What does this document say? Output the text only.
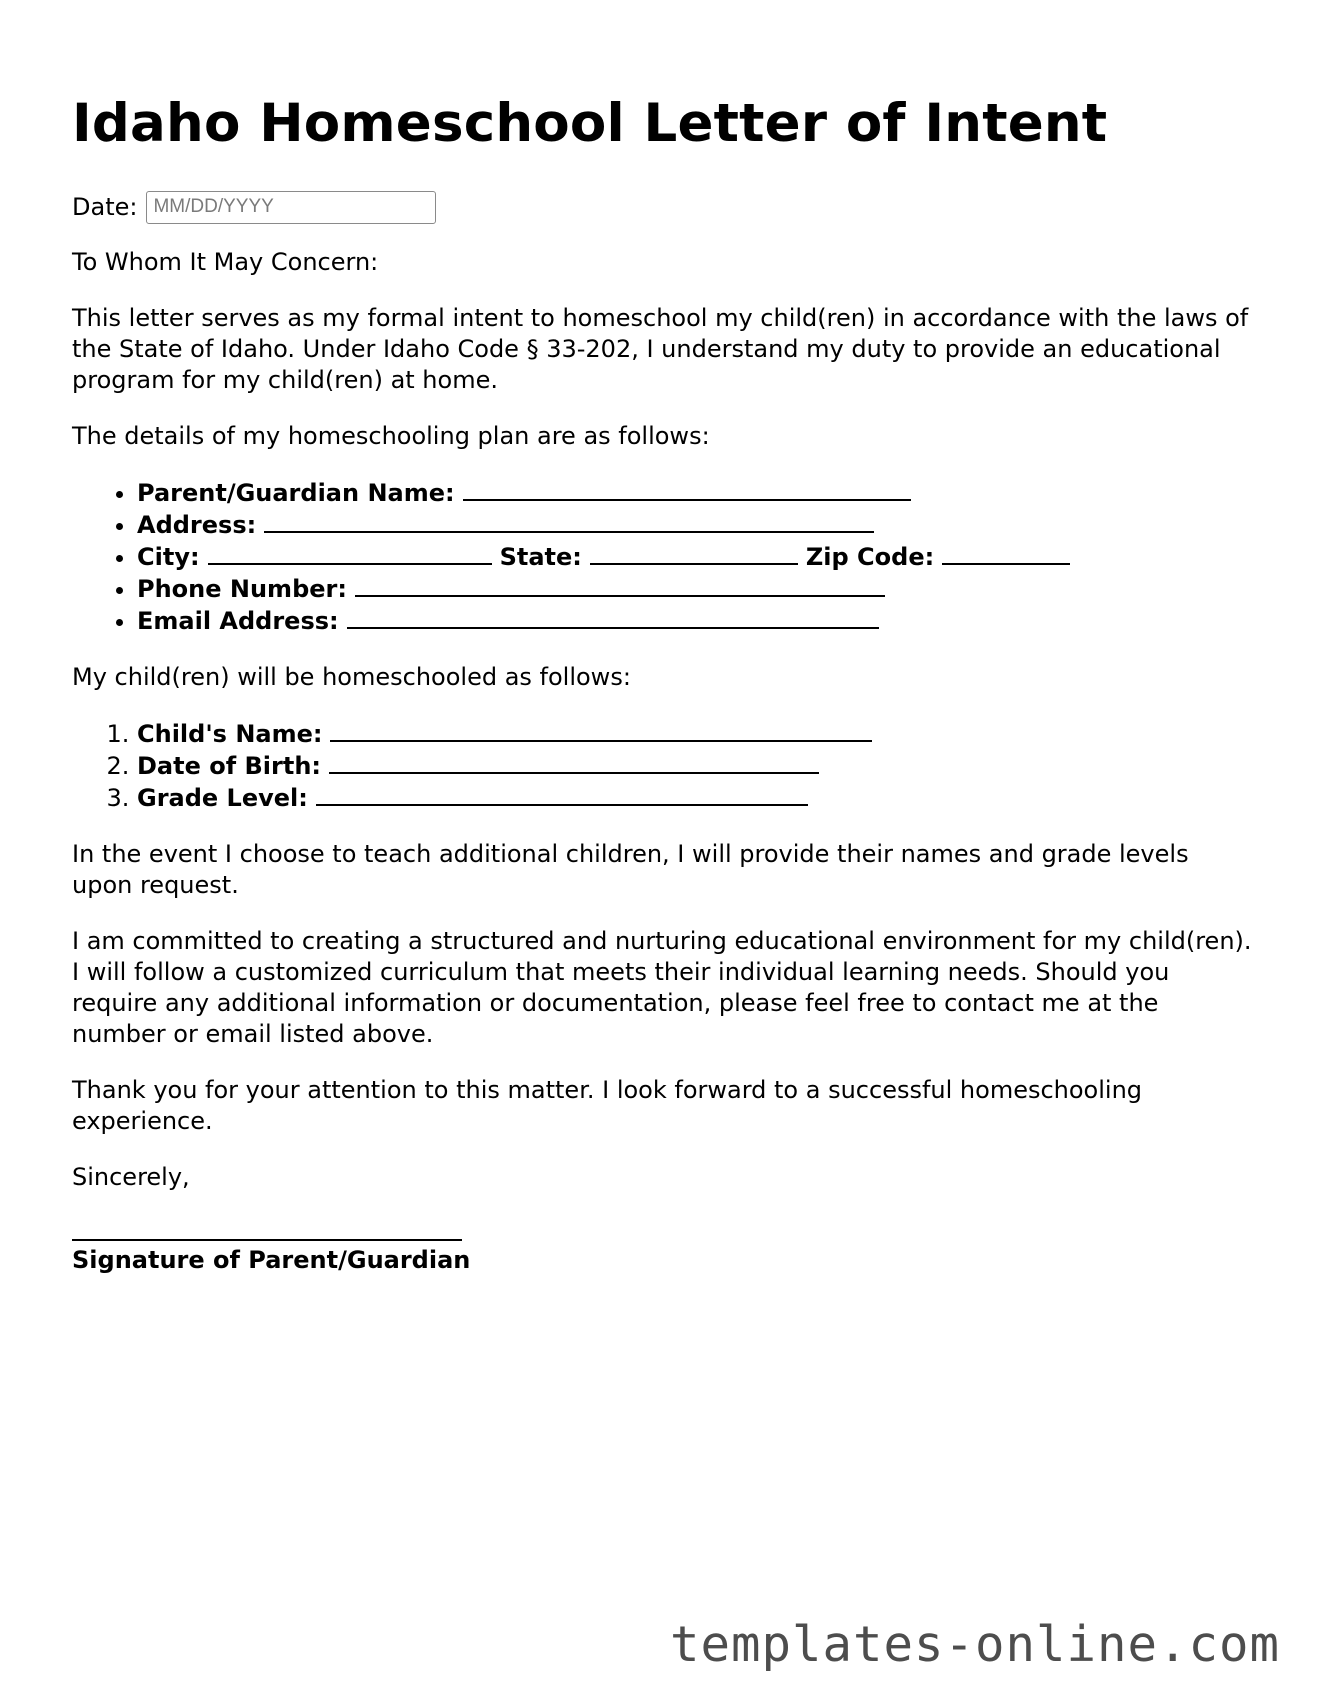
Idaho Homeschool Letter of Intent
Date:
MM/DD/YYYY

To Whom It May Concern:

This letter serves as my formal intent to homeschool my child(ren) in accordance with the laws of the State of Idaho. Under Idaho Code § 33-202, I understand my duty to provide an educational program for my child(ren) at home.

The details of my homeschooling plan are as follows:

• Parent/Guardian Name:
• Address:
• City:	State:	Zip Code:
• Phone Number:
• Email Address:

My child(ren) will be homeschooled as follows:

1. Child's Name:
2. Date of Birth:
3. Grade Level:

In the event I choose to teach additional children, I will provide their names and grade levels upon request.

I am committed to creating a structured and nurturing educational environment for my child(ren). I will follow a customized curriculum that meets their individual learning needs. Should you require any additional information or documentation, please feel free to contact me at the number or email listed above.

Thank you for your attention to this matter. I look forward to a successful homeschooling experience.

Sincerely,

Signature of Parent/Guardian
templates-online.com
